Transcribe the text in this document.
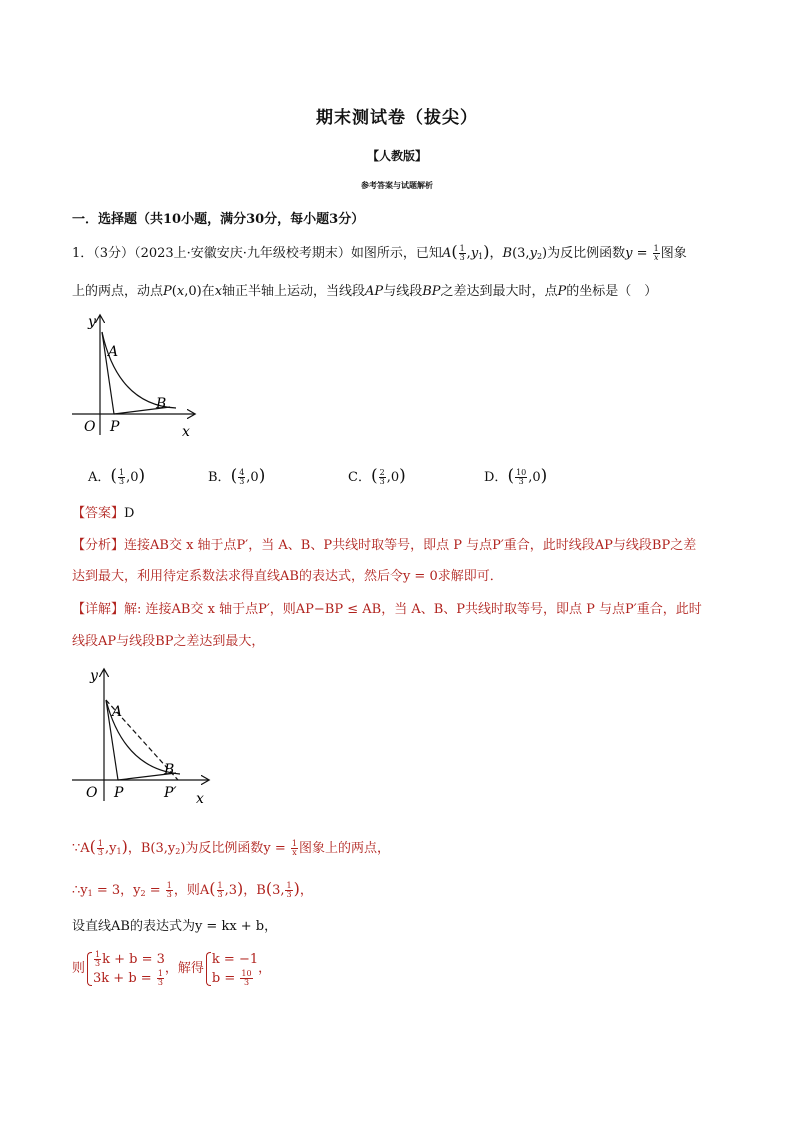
期末测试卷（拔尖）
【人教版】
参考答案与试题解析
一．选择题（共10小题，满分30分，每小题3分）
1．（3分）（2023上·安徽安庆·九年级校考期末）如图所示，已知$A( \frac{1}{3} ,y_1)$，$B(3,y_2)$为反比例函数$y = \frac{1}{x}$ 图象
上的两点，动点P(x,0)在x轴正半轴上运动，当线段AP与线段BP之差达到最大时，点P的坐标是（　）
y
A
B
O P	x
A．( $\frac{1}{3} ,0$)	B．( $\frac{4}{3} ,0$)	C．( $\frac{2}{3} ,0$)	D．( $\frac{10}{3} ,0$)
【答案】D
【分析】连接AB交 x 轴于点P′，当 A、B、P共线时取等号，即点 P 与点P′重合，此时线段AP与线段BP之差
达到最大，利用待定系数法求得直线AB的表达式，然后令y = 0求解即可．
【详解】解: 连接AB交 x 轴于点P′，则AP−BP ≤ AB，当 A、B、P共线时取等号，即点 P 与点P′重合，此时
线段AP与线段BP之差达到最大，
y
A
B
O P	P′ x
∵A( $\frac{1}{3} ,y_1$)，$B(3,y_2)$为反比例函数$y = \frac{1}{x}$ 图象上的两点，
$\therefore y_1 = 3$，$y_2 = \frac{1}{3}$ ，则$A( \frac{1}{3} ,3)$，B(3, $\frac{1}{3}$ )，
设直线AB的表达式为y = kx + b，
则
$\frac{1}{3}$ k + b = 3
$3k + b = \frac{1}{3}$
，解得
k = −1
$b = \frac{10}{3}$
，
